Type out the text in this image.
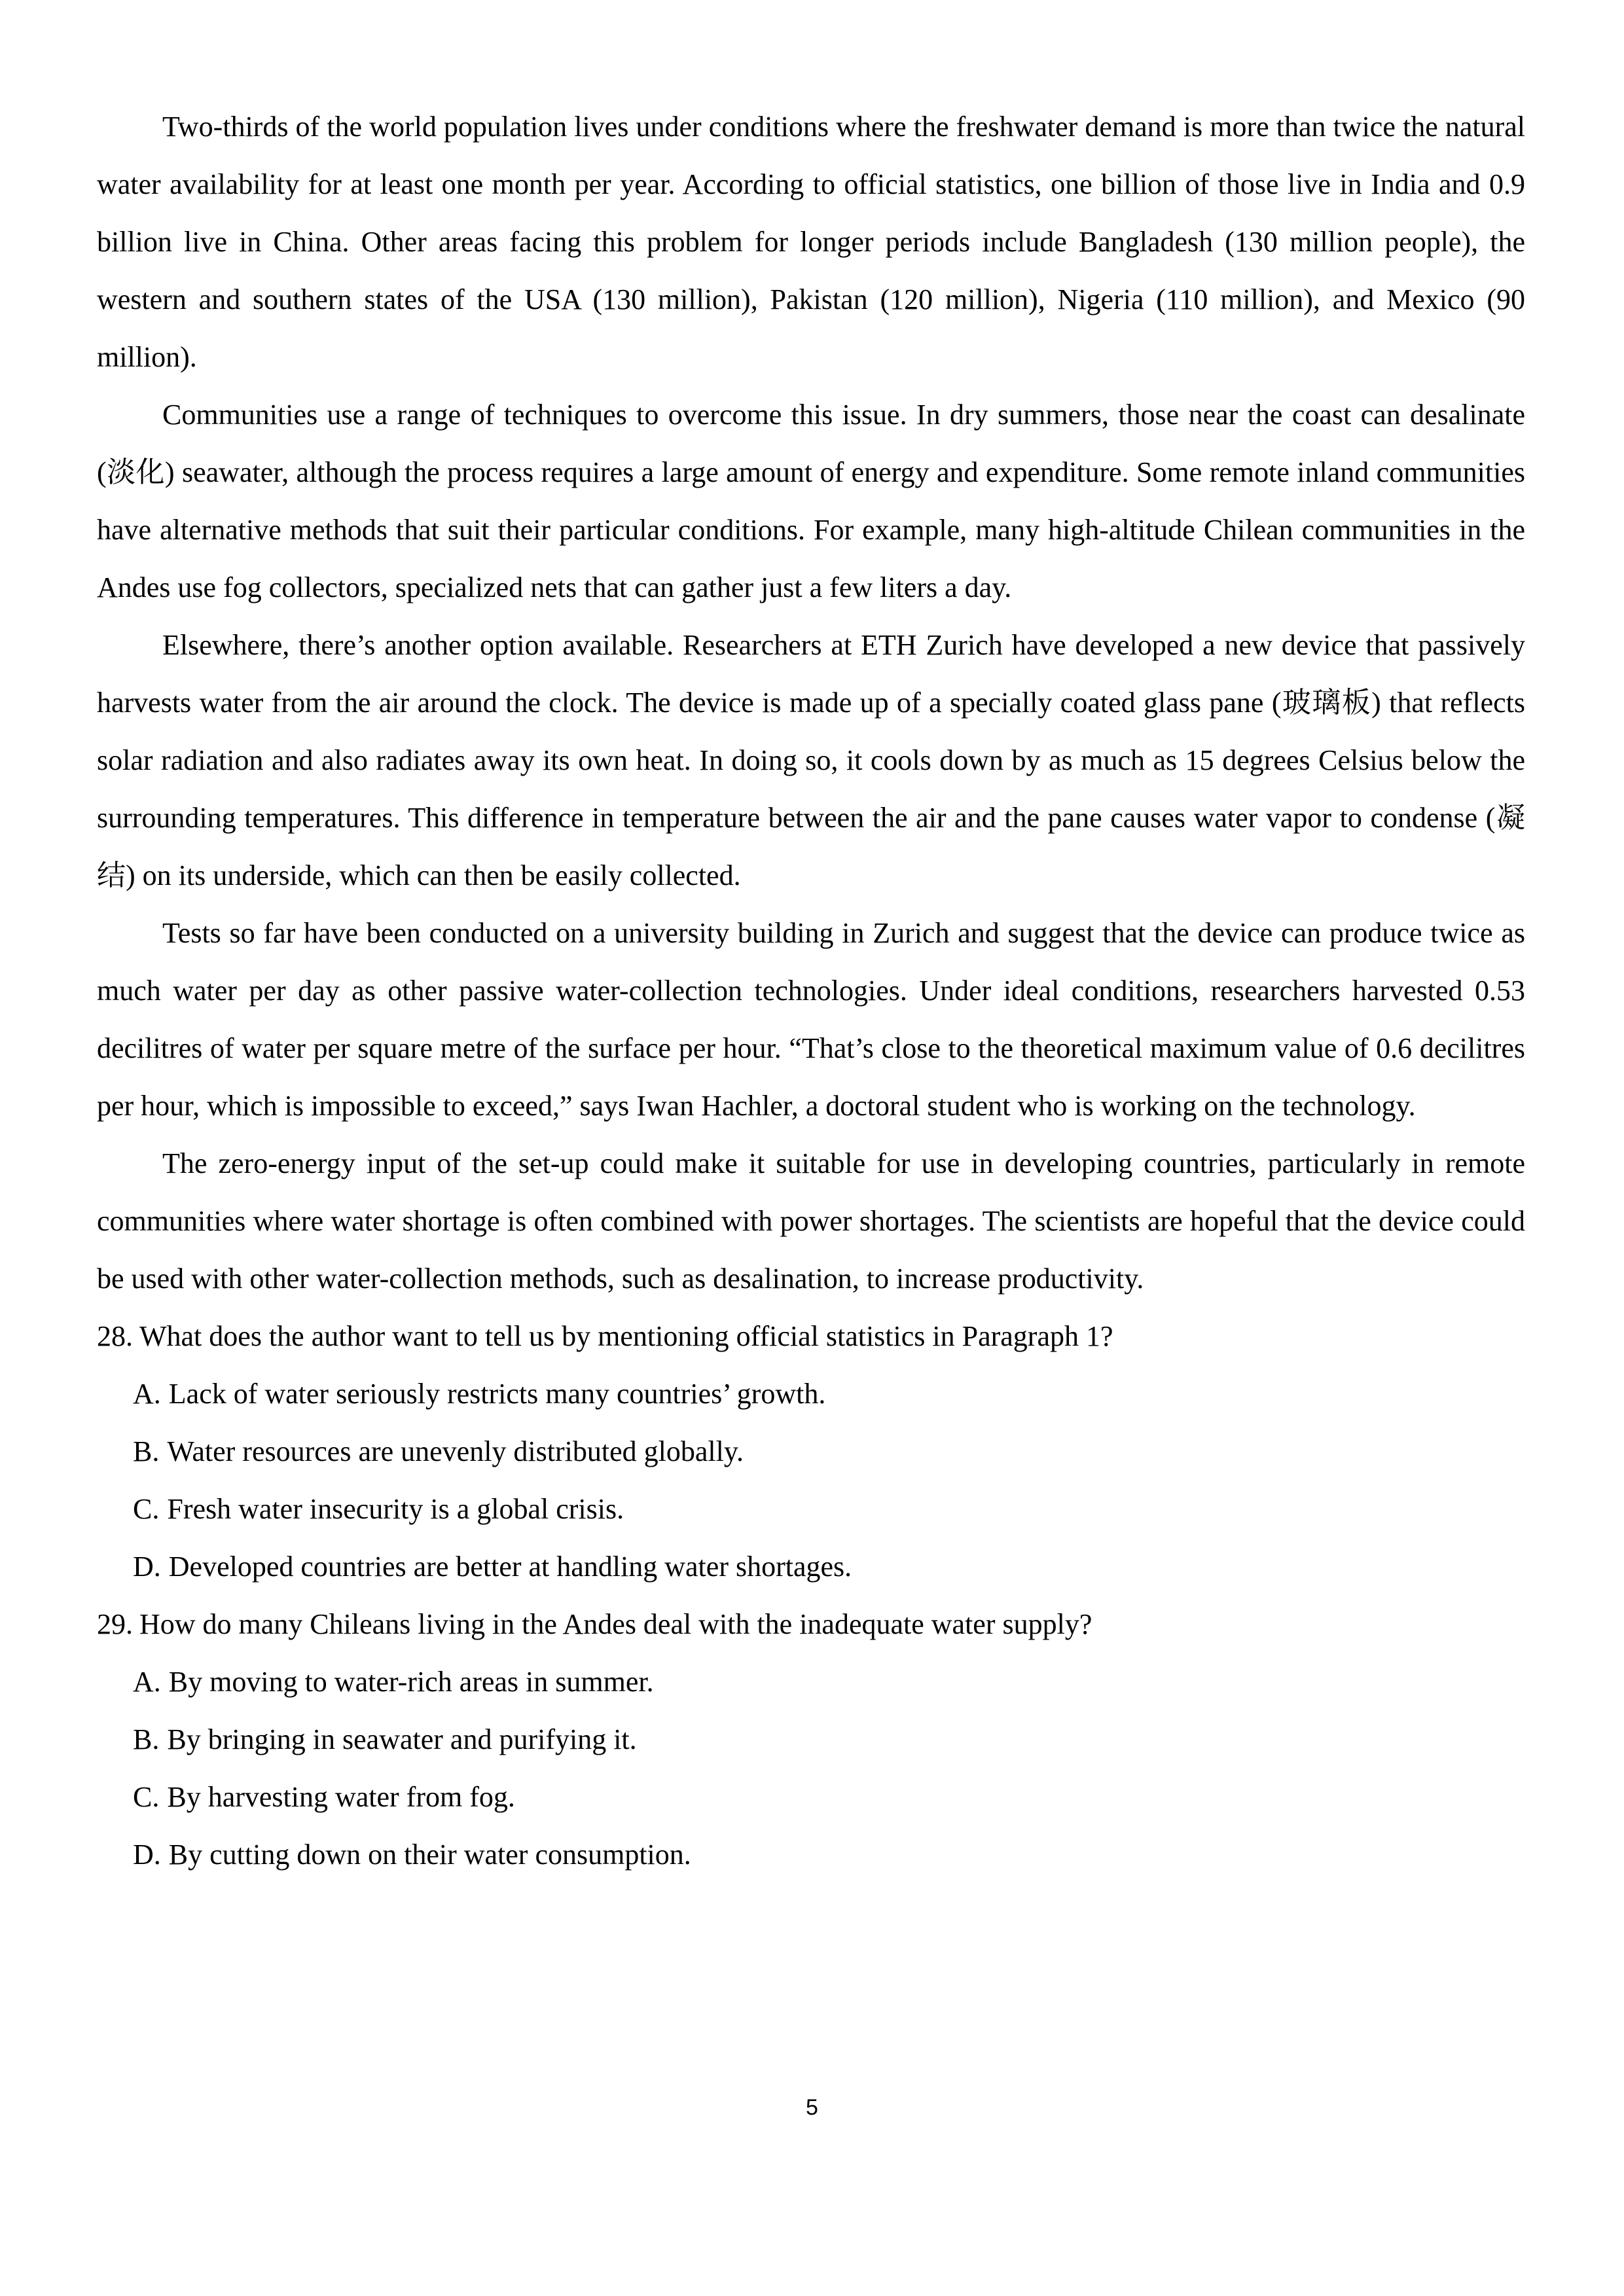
Two-thirds of the world population lives under conditions where the freshwater demand is more than twice the natural water availability for at least one month per year. According to official statistics, one billion of those live in India and 0.9 billion live in China. Other areas facing this problem for longer periods include Bangladesh (130 million people), the western and southern states of the USA (130 million), Pakistan (120 million), Nigeria (110 million), and Mexico (90 million).

Communities use a range of techniques to overcome this issue. In dry summers, those near the coast can desalinate (淡化) seawater, although the process requires a large amount of energy and expenditure. Some remote inland communities have alternative methods that suit their particular conditions. For example, many high-altitude Chilean communities in the Andes use fog collectors, specialized nets that can gather just a few liters a day.

Elsewhere, there’s another option available. Researchers at ETH Zurich have developed a new device that passively harvests water from the air around the clock. The device is made up of a specially coated glass pane (玻璃板) that reflects solar radiation and also radiates away its own heat. In doing so, it cools down by as much as 15 degrees Celsius below the surrounding temperatures. This difference in temperature between the air and the pane causes water vapor to condense (凝结) on its underside, which can then be easily collected.

Tests so far have been conducted on a university building in Zurich and suggest that the device can produce twice as much water per day as other passive water-collection technologies. Under ideal conditions, researchers harvested 0.53 decilitres of water per square metre of the surface per hour. “That’s close to the theoretical maximum value of 0.6 decilitres per hour, which is impossible to exceed,” says Iwan Hachler, a doctoral student who is working on the technology.

The zero-energy input of the set-up could make it suitable for use in developing countries, particularly in remote communities where water shortage is often combined with power shortages. The scientists are hopeful that the device could be used with other water-collection methods, such as desalination, to increase productivity.

28. What does the author want to tell us by mentioning official statistics in Paragraph 1?
A. Lack of water seriously restricts many countries’ growth.
B. Water resources are unevenly distributed globally.
C. Fresh water insecurity is a global crisis.
D. Developed countries are better at handling water shortages.
29. How do many Chileans living in the Andes deal with the inadequate water supply?
A. By moving to water-rich areas in summer.
B. By bringing in seawater and purifying it.
C. By harvesting water from fog.
D. By cutting down on their water consumption.
5
